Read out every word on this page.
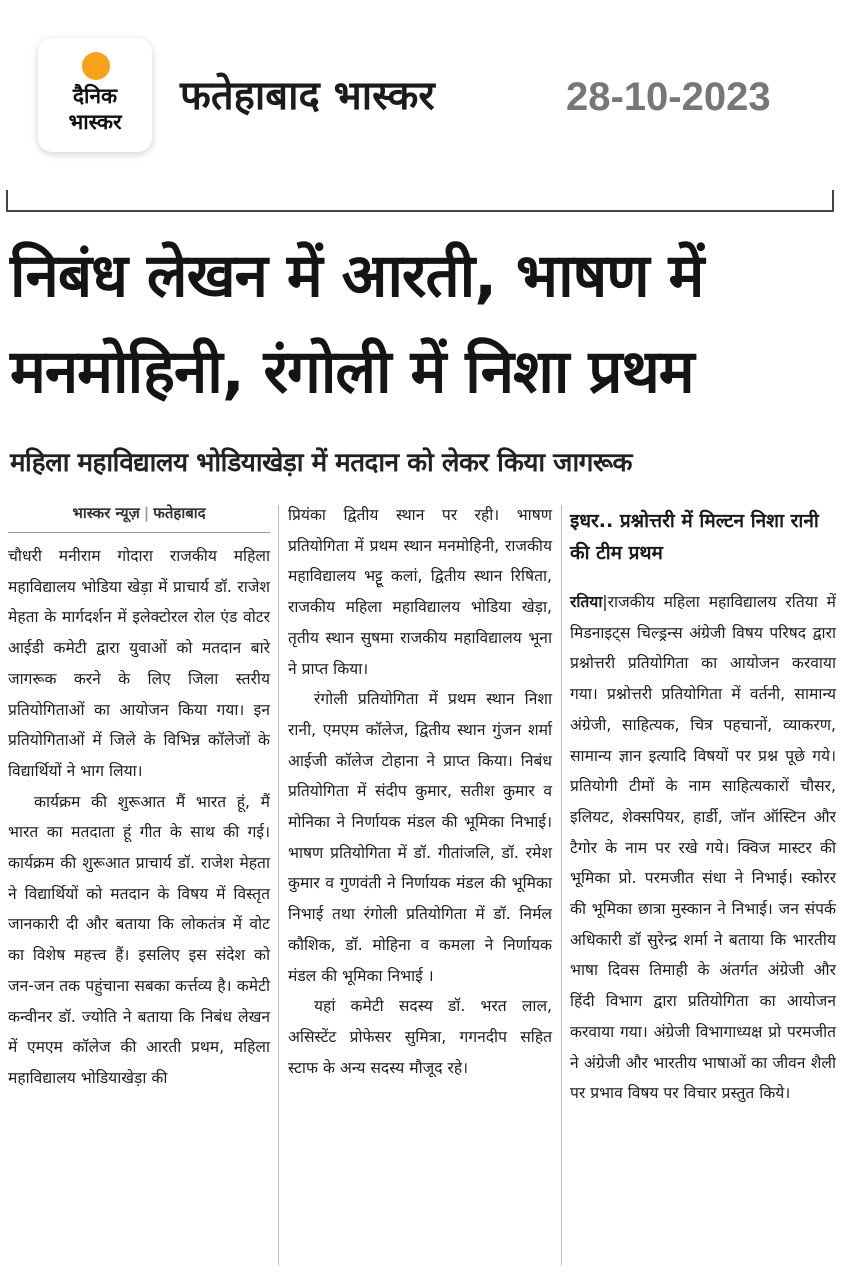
दैनिक
भास्कर
फतेहाबाद भास्कर	28-10-2023
निबंध लेखन में आरती, भाषण में
मनमोहिनी, रंगोली में निशा प्रथम
महिला महाविद्यालय भोडियाखेड़ा में मतदान को लेकर किया जागरूक
भास्कर न्यूज़ | फतेहाबाद

चौधरी मनीराम गोदारा राजकीय महिला महाविद्यालय भोडिया खेड़ा में प्राचार्य डॉ. राजेश मेहता के मार्गदर्शन में इलेक्टोरल रोल एंड वोटर आईडी कमेटी द्वारा युवाओं को मतदान बारे जागरूक करने के लिए जिला स्तरीय प्रतियोगिताओं का आयोजन किया गया। इन प्रतियोगिताओं में जिले के विभिन्न कॉलेजों के विद्यार्थियों ने भाग लिया।

कार्यक्रम की शुरूआत मैं भारत हूं, मैं भारत का मतदाता हूं गीत के साथ की गई। कार्यक्रम की शुरूआत प्राचार्य डॉ. राजेश मेहता ने विद्यार्थियों को मतदान के विषय में विस्तृत जानकारी दी और बताया कि लोकतंत्र में वोट का विशेष महत्त्व हैं। इसलिए इस संदेश को जन-जन तक पहुंचाना सबका कर्त्तव्य है। कमेटी कन्वीनर डॉ. ज्योति ने बताया कि निबंध लेखन में एमएम कॉलेज की आरती प्रथम, महिला महाविद्यालय भोडियाखेड़ा की

प्रियंका द्वितीय स्थान पर रही। भाषण प्रतियोगिता में प्रथम स्थान मनमोहिनी, राजकीय महाविद्यालय भट्टू कलां, द्वितीय स्थान रिषिता, राजकीय महिला महाविद्यालय भोडिया खेड़ा, तृतीय स्थान सुषमा राजकीय महाविद्यालय भूना ने प्राप्त किया।

रंगोली प्रतियोगिता में प्रथम स्थान निशा रानी, एमएम कॉलेज, द्वितीय स्थान गुंजन शर्मा आईजी कॉलेज टोहाना ने प्राप्त किया। निबंध प्रतियोगिता में संदीप कुमार, सतीश कुमार व मोनिका ने निर्णायक मंडल की भूमिका निभाई। भाषण प्रतियोगिता में डॉ. गीतांजलि, डॉ. रमेश कुमार व गुणवंती ने निर्णायक मंडल की भूमिका निभाई तथा रंगोली प्रतियोगिता में डॉ. निर्मल कौशिक, डॉ. मोहिना व कमला ने निर्णायक मंडल की भूमिका निभाई ।

यहां कमेटी सदस्य डॉ. भरत लाल, असिस्टेंट प्रोफेसर सुमित्रा, गगनदीप सहित स्टाफ के अन्य सदस्य मौजूद रहे।

इधर.. प्रश्नोत्तरी में मिल्टन निशा रानी की टीम प्रथम

रतिया|राजकीय महिला महाविद्यालय रतिया में मिडनाइट्स चिल्ड्रन्स अंग्रेजी विषय परिषद द्वारा प्रश्नोत्तरी प्रतियोगिता का आयोजन करवाया गया। प्रश्नोत्तरी प्रतियोगिता में वर्तनी, सामान्य अंग्रेजी, साहित्यक, चित्र पहचानों, व्याकरण, सामान्य ज्ञान इत्यादि विषयों पर प्रश्न पूछे गये। प्रतियोगी टीमों के नाम साहित्यकारों चौसर, इलियट, शेक्सपियर, हार्डी, जॉन ऑस्टिन और टैगोर के नाम पर रखे गये। क्विज मास्टर की भूमिका प्रो. परमजीत संधा ने निभाई। स्कोरर की भूमिका छात्रा मुस्कान ने निभाई। जन संपर्क अधिकारी डॉ सुरेन्द्र शर्मा ने बताया कि भारतीय भाषा दिवस तिमाही के अंतर्गत अंग्रेजी और हिंदी विभाग द्वारा प्रतियोगिता का आयोजन करवाया गया। अंग्रेजी विभागाध्यक्ष प्रो परमजीत ने अंग्रेजी और भारतीय भाषाओं का जीवन शैली पर प्रभाव विषय पर विचार प्रस्तुत किये।
